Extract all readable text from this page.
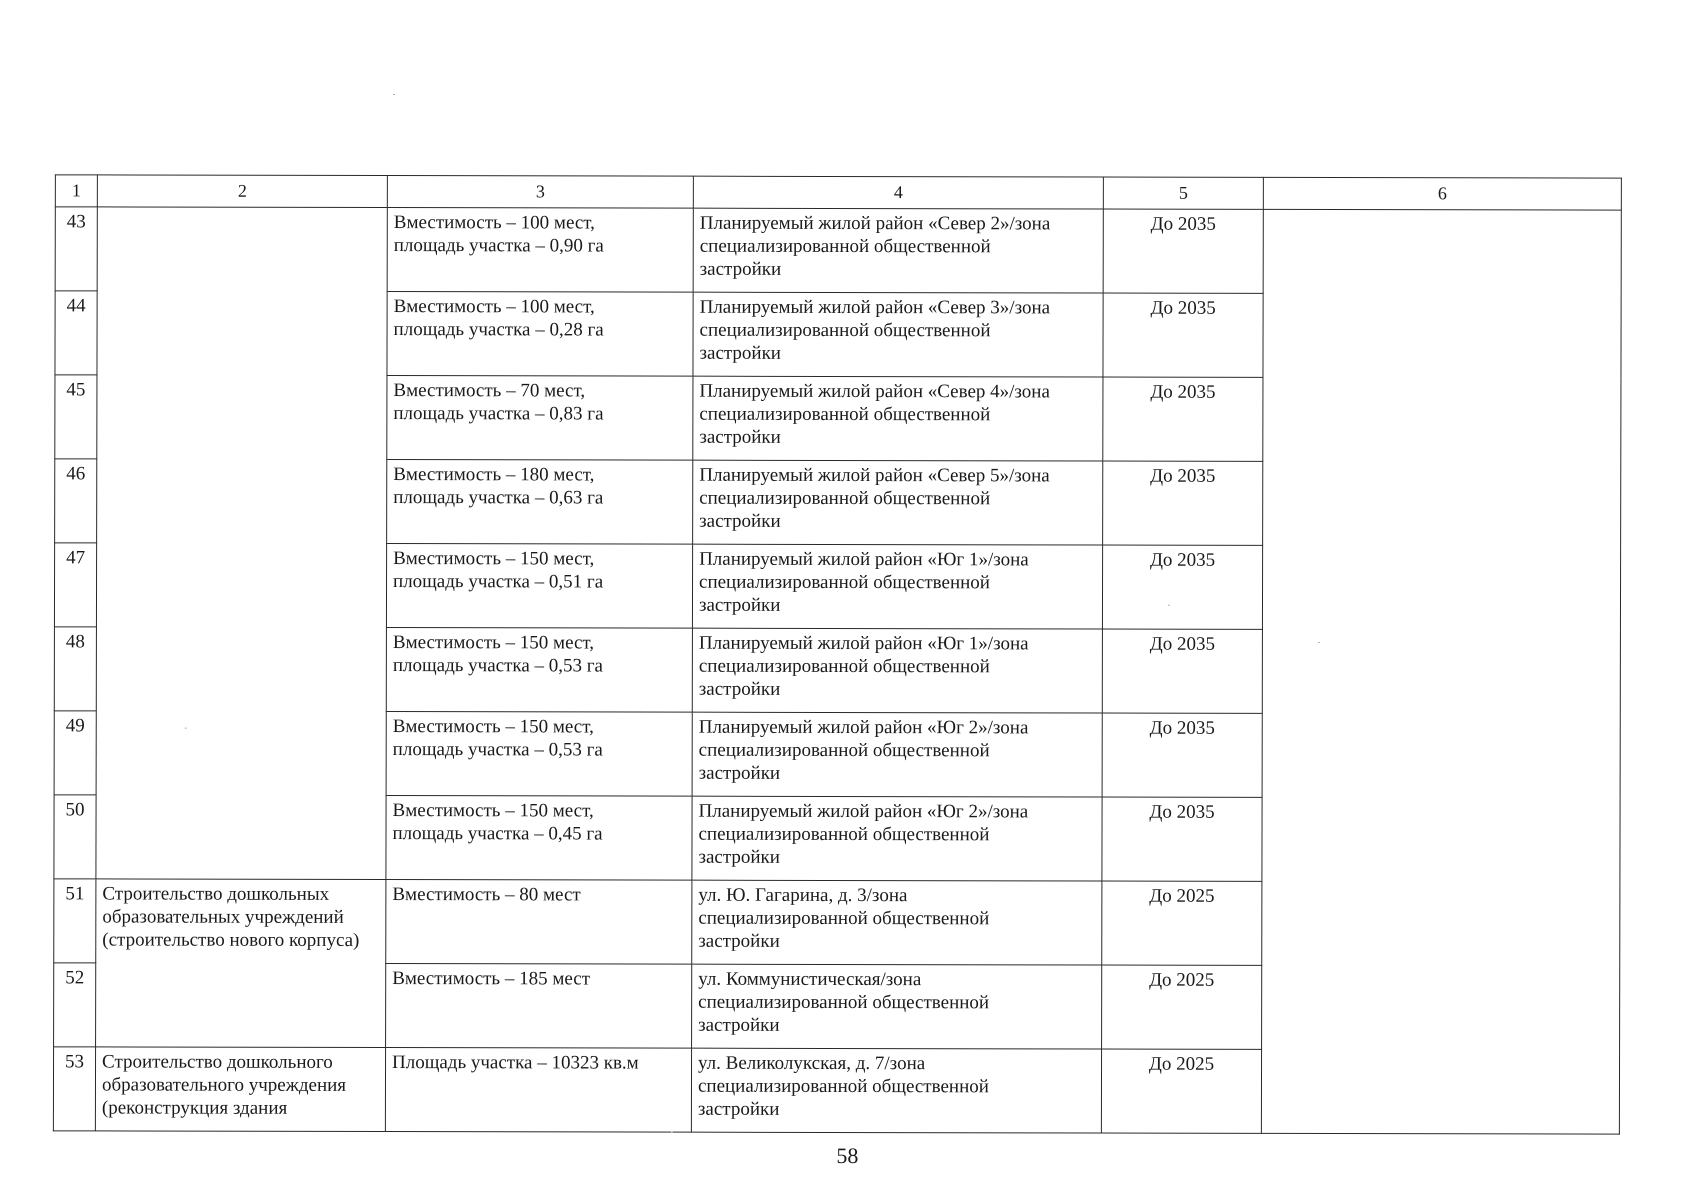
1	2	3	4	5	6
43		Вместимость – 100 мест,
площадь участка – 0,90 га	Планируемый жилой район «Север 2»/зона
специализированной общественной
застройки	До 2035	
44		Вместимость – 100 мест,
площадь участка – 0,28 га	Планируемый жилой район «Север 3»/зона
специализированной общественной
застройки	До 2035	
45		Вместимость – 70 мест,
площадь участка – 0,83 га	Планируемый жилой район «Север 4»/зона
специализированной общественной
застройки	До 2035	
46		Вместимость – 180 мест,
площадь участка – 0,63 га	Планируемый жилой район «Север 5»/зона
специализированной общественной
застройки	До 2035	
47		Вместимость – 150 мест,
площадь участка – 0,51 га	Планируемый жилой район «Юг 1»/зона
специализированной общественной
застройки	До 2035	
48		Вместимость – 150 мест,
площадь участка – 0,53 га	Планируемый жилой район «Юг 1»/зона
специализированной общественной
застройки	До 2035	
49		Вместимость – 150 мест,
площадь участка – 0,53 га	Планируемый жилой район «Юг 2»/зона
специализированной общественной
застройки	До 2035	
50		Вместимость – 150 мест,
площадь участка – 0,45 га	Планируемый жилой район «Юг 2»/зона
специализированной общественной
застройки	До 2035	
51	Строительство дошкольных
образовательных учреждений
(строительство нового корпуса)	Вместимость – 80 мест	ул. Ю. Гагарина, д. 3/зона
специализированной общественной
застройки	До 2025	
52		Вместимость – 185 мест	ул. Коммунистическая/зона
специализированной общественной
застройки	До 2025	
53	Строительство дошкольного
образовательного учреждения
(реконструкция здания	Площадь участка – 10323 кв.м	ул. Великолукская, д. 7/зона
специализированной общественной
застройки	До 2025	
58
